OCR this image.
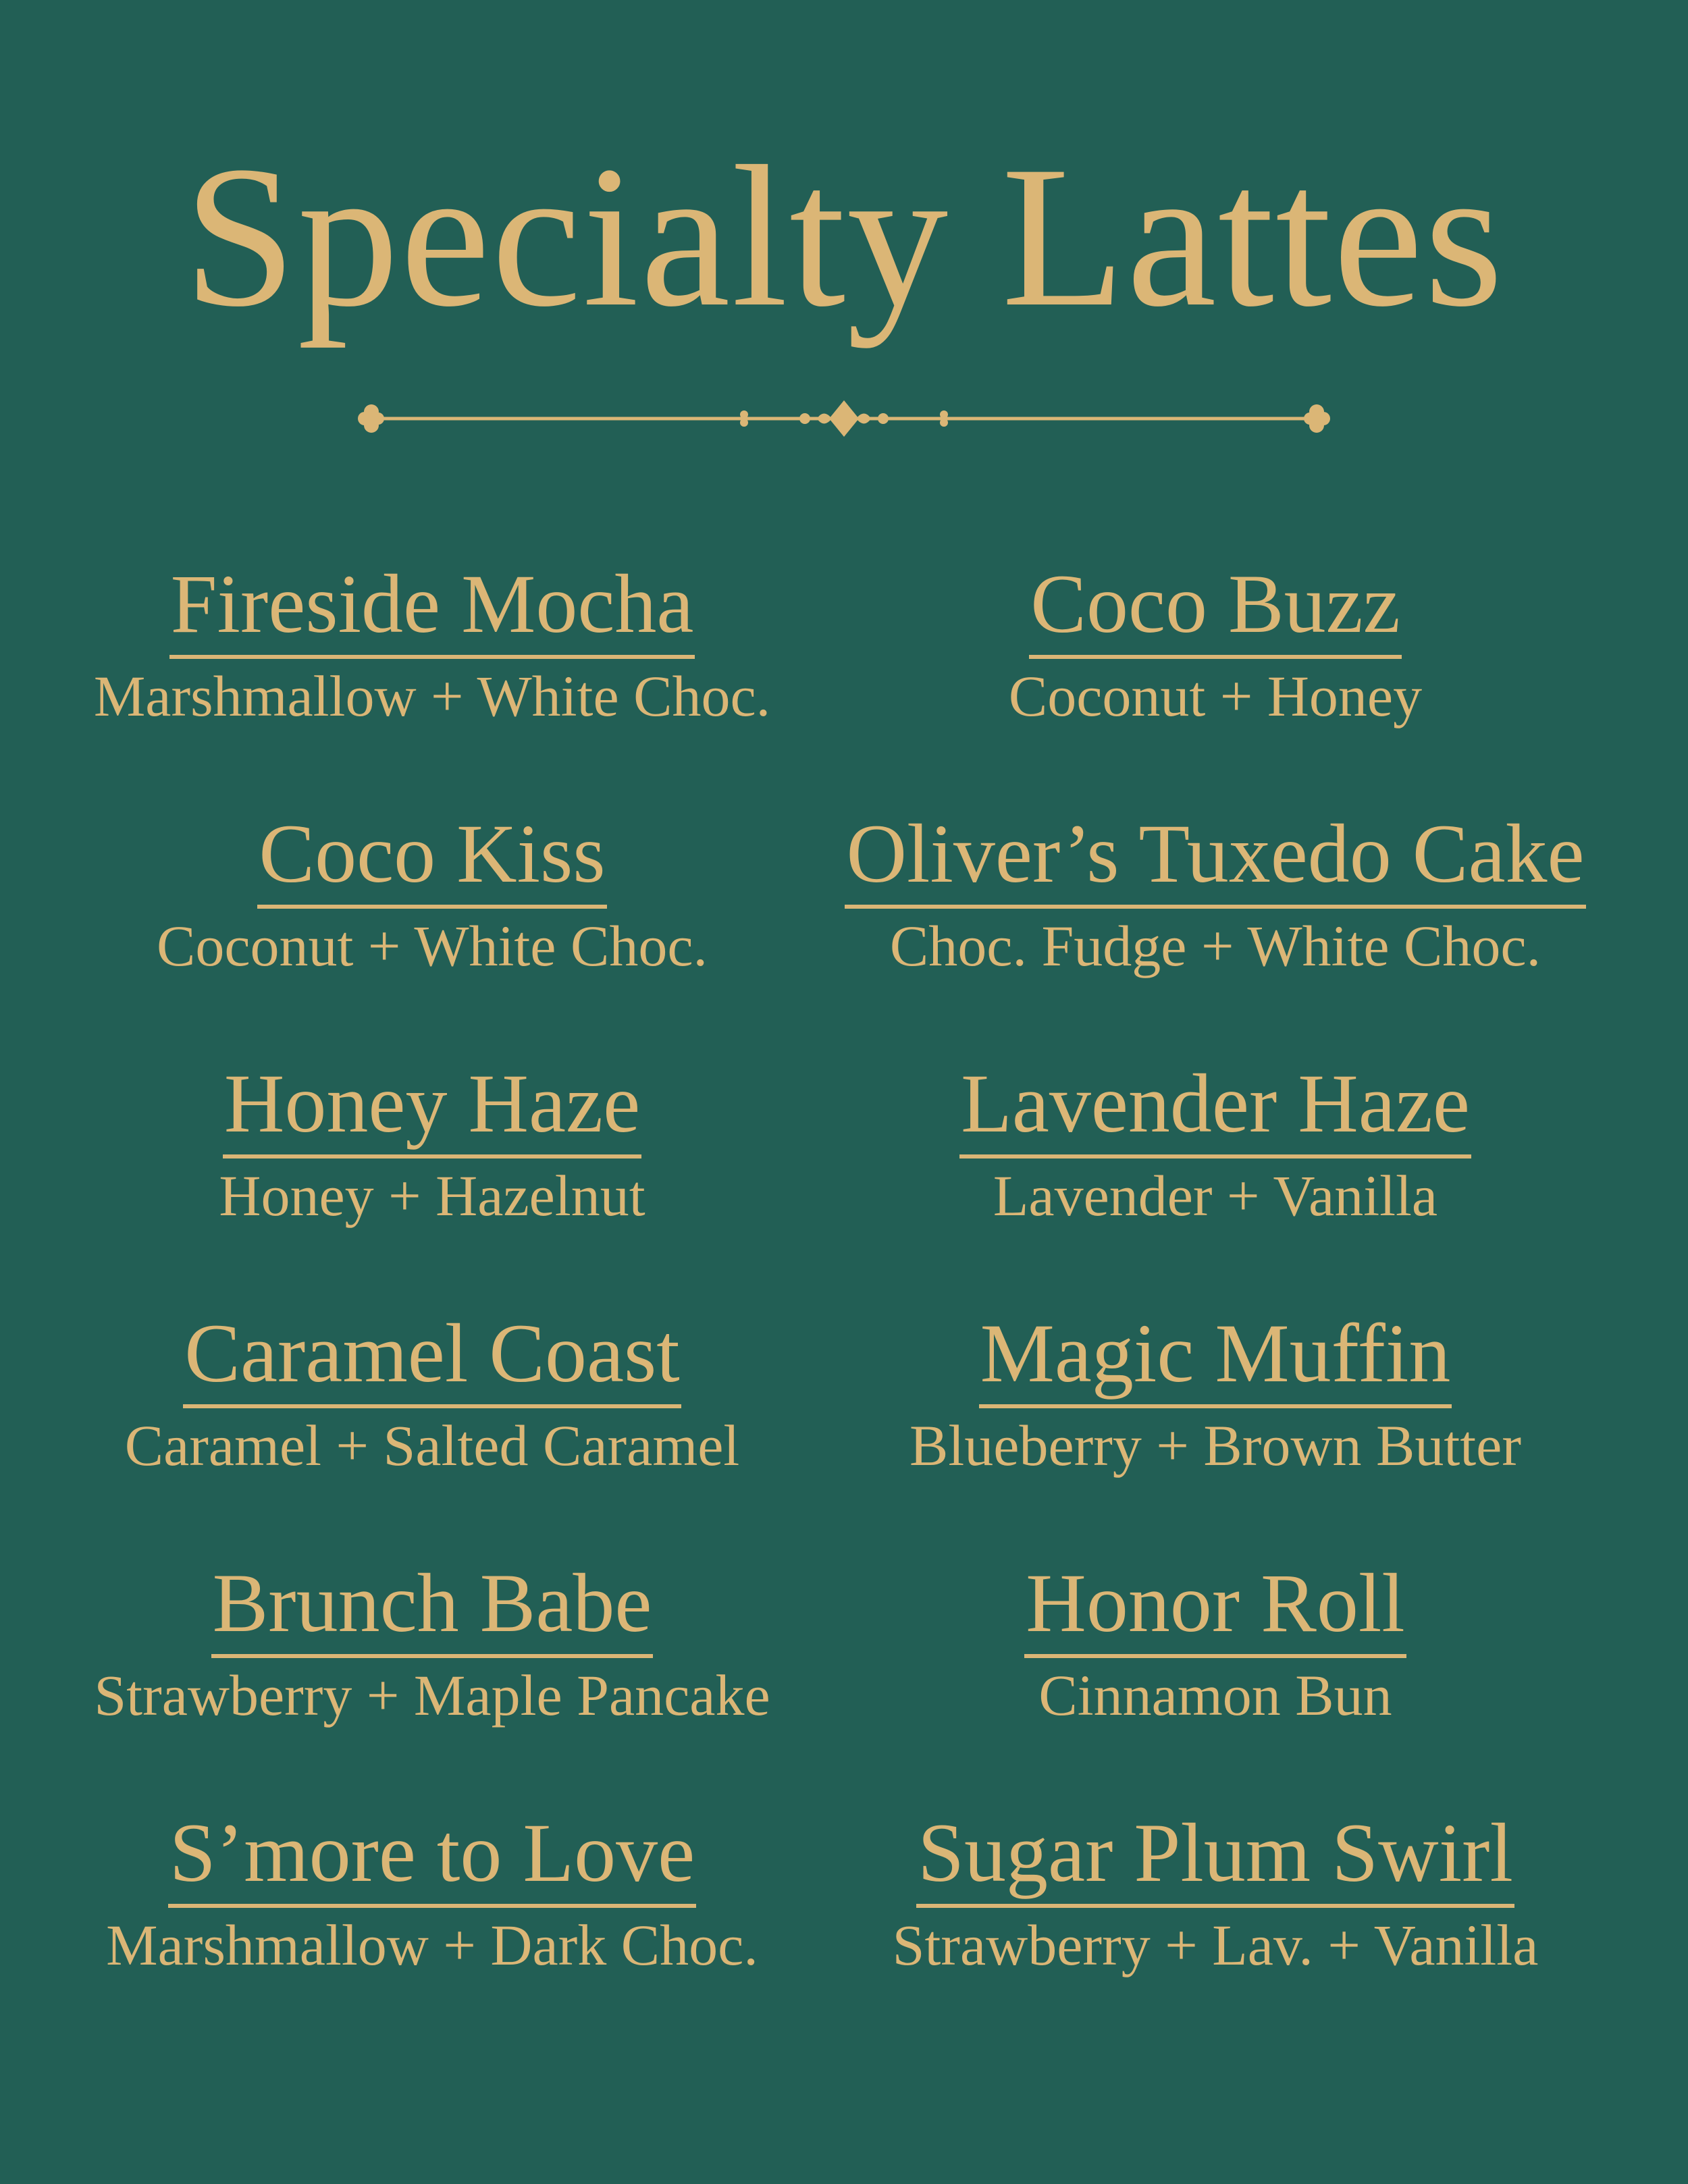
Specialty Lattes
Fireside Mocha
Marshmallow + White Choc.
Coco Kiss
Coconut + White Choc.
Honey Haze
Honey + Hazelnut
Caramel Coast
Caramel + Salted Caramel
Brunch Babe
Strawberry + Maple Pancake
S’more to Love
Marshmallow + Dark Choc.
Coco Buzz
Coconut + Honey
Oliver’s Tuxedo Cake
Choc. Fudge + White Choc.
Lavender Haze
Lavender + Vanilla
Magic Muffin
Blueberry + Brown Butter
Honor Roll
Cinnamon Bun
Sugar Plum Swirl
Strawberry + Lav. + Vanilla
